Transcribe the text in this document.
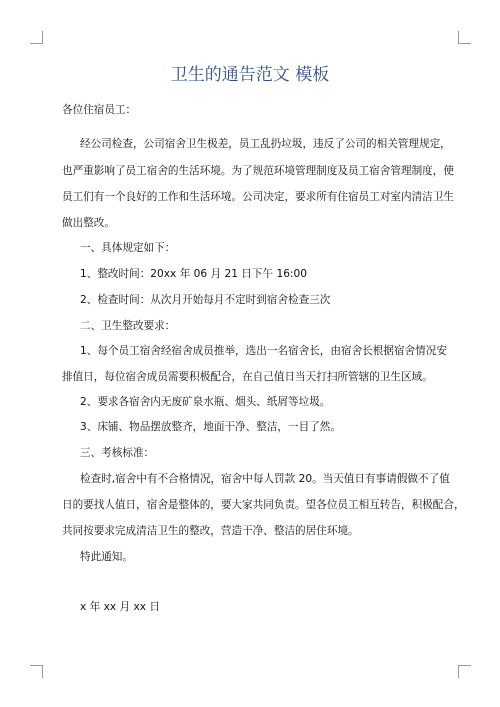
卫生的通告范文 模板
各位住宿员工：
经公司检查，公司宿舍卫生极差，员工乱扔垃圾，违反了公司的相关管理规定，
也严重影响了员工宿舍的生活环境。为了规范环境管理制度及员工宿舍管理制度，使
员工们有一个良好的工作和生活环境。公司决定，要求所有住宿员工对室内清洁卫生
做出整改。
一、具体规定如下：
1、整改时间：20xx 年 06 月 21 日下午 16:00
2、检查时间：从次月开始每月不定时到宿舍检查三次
二、卫生整改要求：
1、每个员工宿舍经宿舍成员推举，选出一名宿舍长，由宿舍长根据宿舍情况安
排值日，每位宿舍成员需要积极配合，在自己值日当天打扫所管辖的卫生区域。
2、要求各宿舍内无废矿泉水瓶、烟头、纸屑等垃圾。
3、床铺、物品摆放整齐，地面干净、整洁，一目了然。
三、考核标准：
检查时,宿舍中有不合格情况，宿舍中每人罚款 20。当天值日有事请假做不了值
日的要找人值日，宿舍是整体的，要大家共同负责。望各位员工相互转告，积极配合，
共同按要求完成清洁卫生的整改，营造干净、整洁的居住环境。
特此通知。
x 年 xx 月 xx 日
